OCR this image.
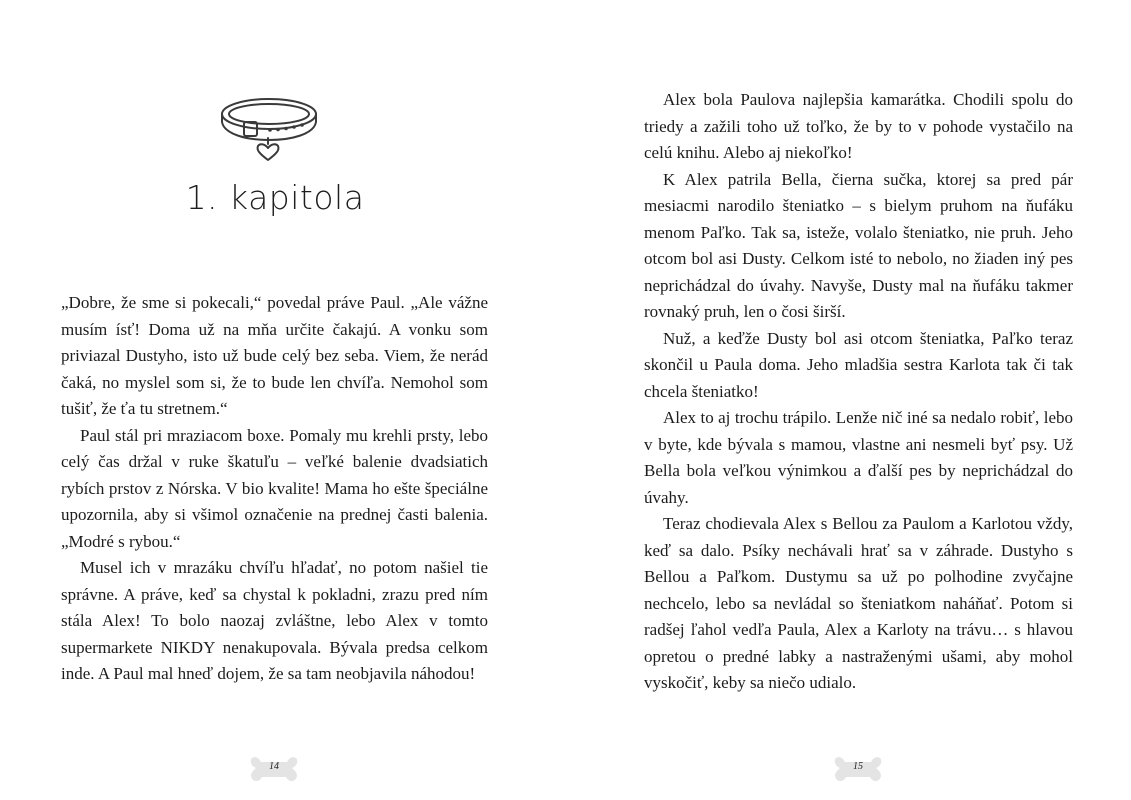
1. kapitola

„Dobre, že sme si pokecali,“ povedal práve Paul. „Ale vážne musím ísť! Doma už na mňa určite čakajú. A vonku som priviazal Dustyho, isto už bude celý bez seba. Viem, že nerád čaká, no myslel som si, že to bude len chvíľa. Nemohol som tušiť, že ťa tu stretnem.“

Paul stál pri mraziacom boxe. Pomaly mu krehli prsty, lebo celý čas držal v ruke škatuľu – veľké balenie dvadsiatich rybích prstov z Nórska. V bio kvalite! Mama ho ešte špeciálne upozornila, aby si všimol označenie na prednej časti balenia. „Modré s rybou.“

Musel ich v mrazáku chvíľu hľadať, no potom našiel tie správne. A práve, keď sa chystal k pokladni, zrazu pred ním stála Alex! To bolo naozaj zvláštne, lebo Alex v tomto supermarkete NIKDY nenakupovala. Bývala predsa celkom inde. A Paul mal hneď dojem, že sa tam neobjavila náhodou!

14	15

Alex bola Paulova najlepšia kamarátka. Chodili spolu do triedy a zažili toho už toľko, že by to v pohode vystačilo na celú knihu. Alebo aj niekoľko!

K Alex patrila Bella, čierna sučka, ktorej sa pred pár mesiacmi narodilo šteniatko – s bielym pruhom na ňufáku menom Paľko. Tak sa, isteže, volalo šteniatko, nie pruh. Jeho otcom bol asi Dusty. Celkom isté to nebolo, no žiaden iný pes neprichádzal do úvahy. Navyše, Dusty mal na ňufáku takmer rovnaký pruh, len o čosi širší.

Nuž, a keďže Dusty bol asi otcom šteniatka, Paľko teraz skončil u Paula doma. Jeho mladšia sestra Karlota tak či tak chcela šteniatko!

Alex to aj trochu trápilo. Lenže nič iné sa nedalo robiť, lebo v byte, kde bývala s mamou, vlastne ani nesmeli byť psy. Už Bella bola veľkou výnimkou a ďalší pes by neprichádzal do úvahy.

Teraz chodievala Alex s Bellou za Paulom a Karlotou vždy, keď sa dalo. Psíky nechávali hrať sa v záhrade. Dustyho s Bellou a Paľkom. Dustymu sa už po polhodine zvyčajne nechcelo, lebo sa nevládal so šteniatkom naháňať. Potom si radšej ľahol vedľa Paula, Alex a Karloty na trávu… s hlavou opretou o predné labky a nastraženými ušami, aby mohol vyskočiť, keby sa niečo udialo.
